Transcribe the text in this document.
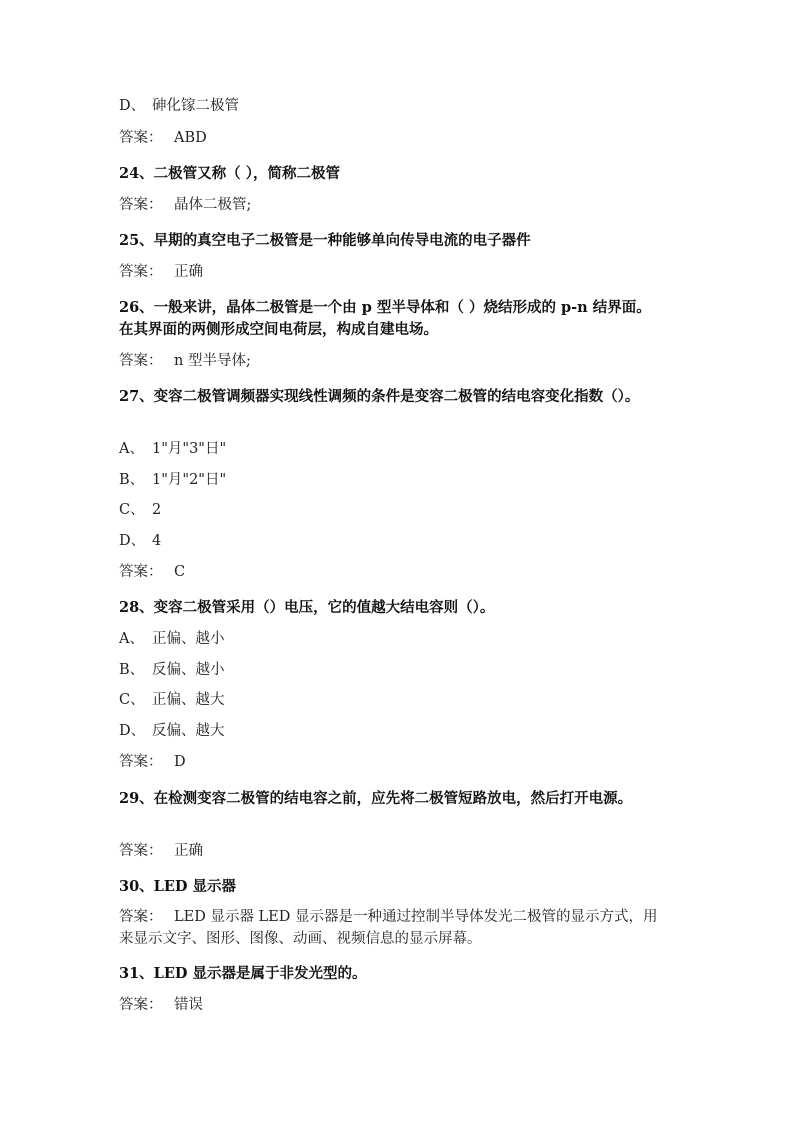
D、 砷化镓二极管
答案： ABD
24、二极管又称（ ），简称二极管
答案： 晶体二极管;
25、早期的真空电子二极管是一种能够单向传导电流的电子器件
答案： 正确
26、一般来讲，晶体二极管是一个由 p 型半导体和（ ）烧结形成的 p-n 结界面。在其界面的两侧形成空间电荷层，构成自建电场。
答案： n 型半导体;
27、变容二极管调频器实现线性调频的条件是变容二极管的结电容变化指数（）。
A、 1"月"3"日"
B、 1"月"2"日"
C、 2
D、 4
答案： C
28、变容二极管采用（）电压，它的值越大结电容则（）。
A、 正偏、越小
B、 反偏、越小
C、 正偏、越大
D、 反偏、越大
答案： D
29、在检测变容二极管的结电容之前，应先将二极管短路放电，然后打开电源。
答案： 正确
30、LED 显示器
答案： LED 显示器 LED 显示器是一种通过控制半导体发光二极管的显示方式，用来显示文字、图形、图像、动画、视频信息的显示屏幕。
31、LED 显示器是属于非发光型的。
答案： 错误
